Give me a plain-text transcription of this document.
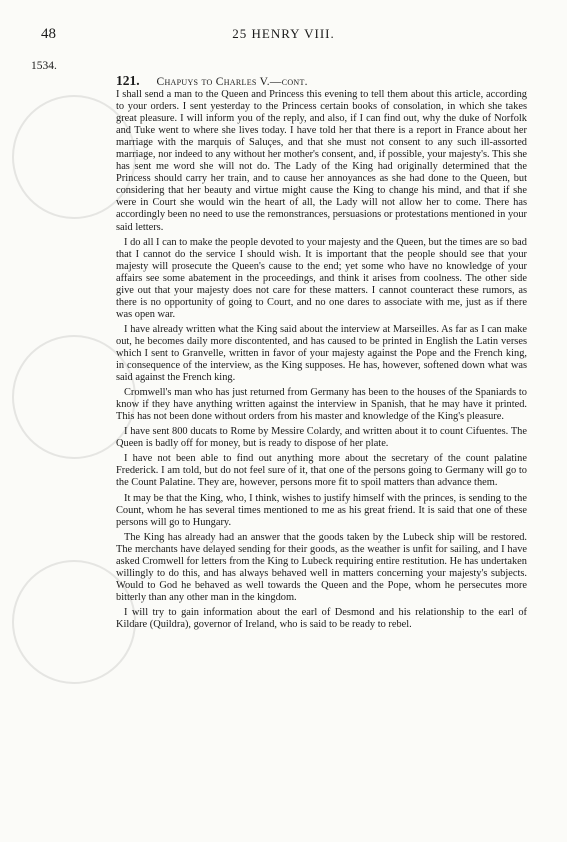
48	25 HENRY VIII.
1534.
121. Chapuys to Charles V.—cont.

I shall send a man to the Queen and Princess this evening to tell them about this article, according to your orders. I sent yesterday to the Princess certain books of consolation, in which she takes great pleasure. I will inform you of the reply, and also, if I can find out, why the duke of Norfolk and Tuke went to where she lives today. I have told her that there is a report in France about her marriage with the marquis of Saluçes, and that she must not consent to any such ill-assorted marriage, nor indeed to any without her mother's consent, and, if possible, your majesty's. This she has sent me word she will not do. The Lady of the King had originally determined that the Princess should carry her train, and to cause her annoyances as she had done to the Queen, but considering that her beauty and virtue might cause the King to change his mind, and that if she were in Court she would win the heart of all, the Lady will not allow her to come. There has accordingly been no need to use the remonstrances, persuasions or protestations mentioned in your said letters.

I do all I can to make the people devoted to your majesty and the Queen, but the times are so bad that I cannot do the service I should wish. It is important that the people should see that your majesty will prosecute the Queen's cause to the end; yet some who have no knowledge of your affairs see some abatement in the proceedings, and think it arises from coolness. The other side give out that your majesty does not care for these matters. I cannot counteract these rumors, as there is no opportunity of going to Court, and no one dares to associate with me, just as if there was open war.

I have already written what the King said about the interview at Marseilles. As far as I can make out, he becomes daily more discontented, and has caused to be printed in English the Latin verses which I sent to Granvelle, written in favor of your majesty against the Pope and the French king, in consequence of the interview, as the King supposes. He has, however, softened down what was said against the French king.

Cromwell's man who has just returned from Germany has been to the houses of the Spaniards to know if they have anything written against the interview in Spanish, that he may have it printed. This has not been done without orders from his master and knowledge of the King's pleasure.

I have sent 800 ducats to Rome by Messire Colardy, and written about it to count Cifuentes. The Queen is badly off for money, but is ready to dispose of her plate.

I have not been able to find out anything more about the secretary of the count palatine Frederick. I am told, but do not feel sure of it, that one of the persons going to Germany will go to the Count Palatine. They are, however, persons more fit to spoil matters than advance them.

It may be that the King, who, I think, wishes to justify himself with the princes, is sending to the Count, whom he has several times mentioned to me as his great friend. It is said that one of these persons will go to Hungary.

The King has already had an answer that the goods taken by the Lubeck ship will be restored. The merchants have delayed sending for their goods, as the weather is unfit for sailing, and I have asked Cromwell for letters from the King to Lubeck requiring entire restitution. He has undertaken willingly to do this, and has always behaved well in matters concerning your majesty's subjects. Would to God he behaved as well towards the Queen and the Pope, whom he persecutes more bitterly than any other man in the kingdom.

I will try to gain information about the earl of Desmond and his relationship to the earl of Kildare (Quildra), governor of Ireland, who is said to be ready to rebel.
